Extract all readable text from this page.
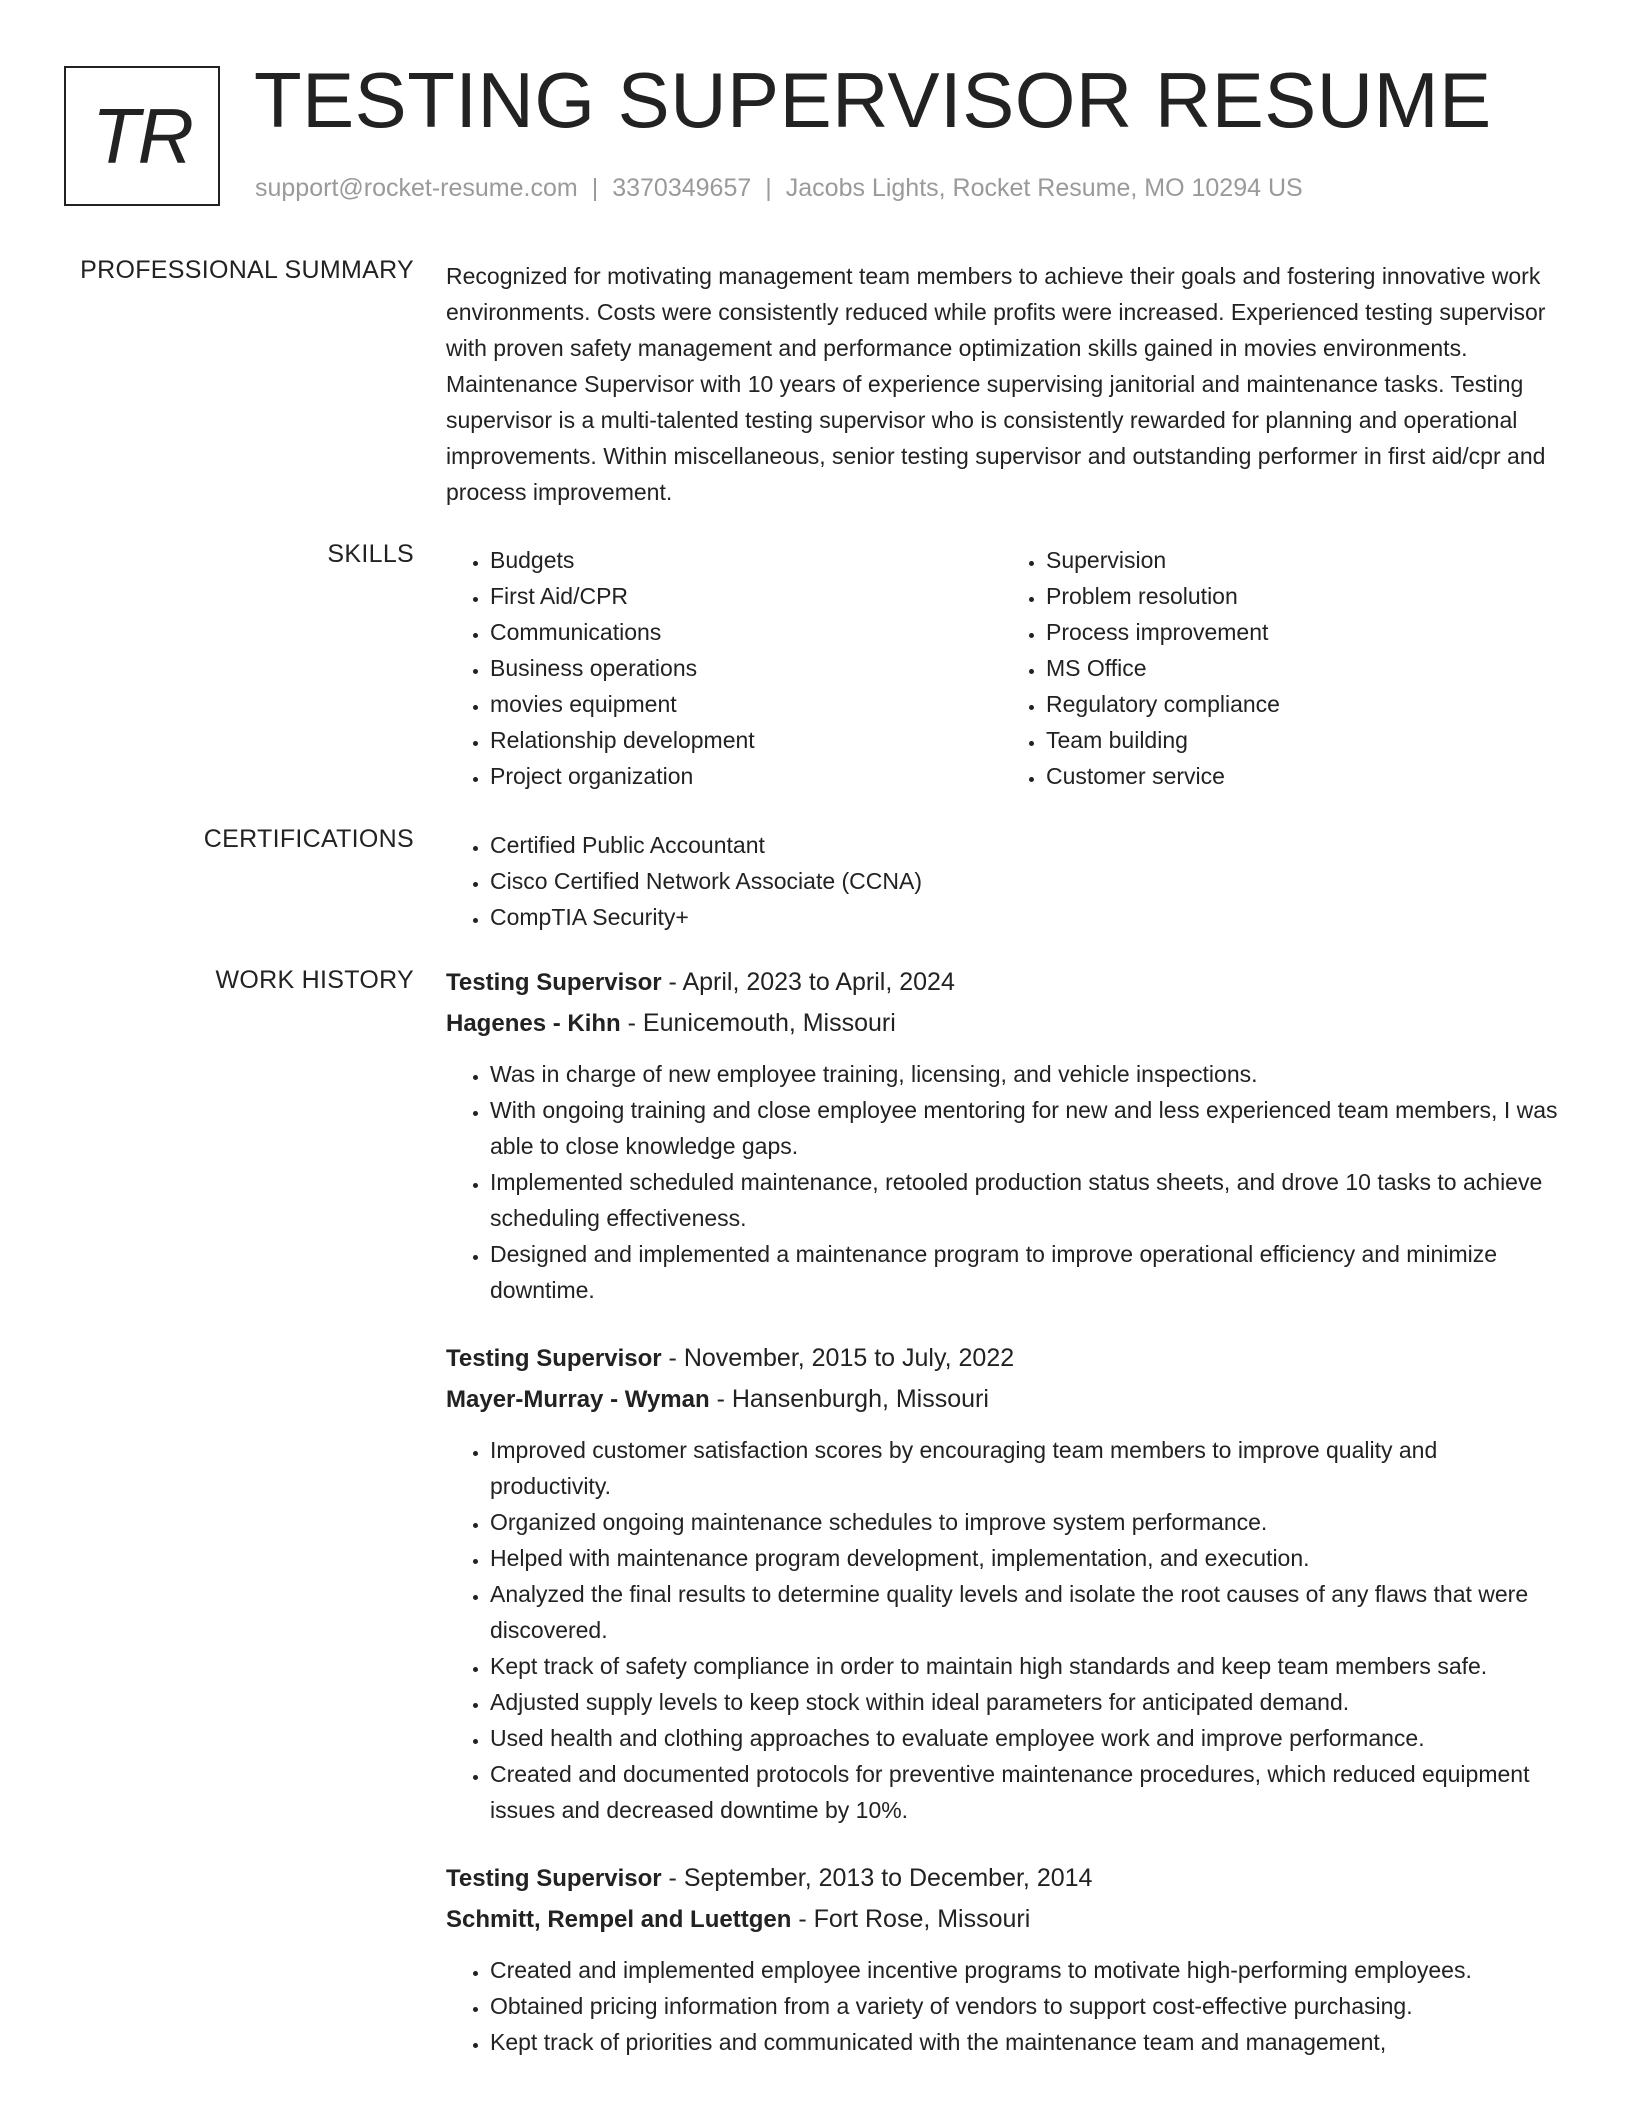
TR TESTING SUPERVISOR RESUME
support@rocket-resume.com | 3370349657 | Jacobs Lights, Rocket Resume, MO 10294 US
PROFESSIONAL SUMMARY Recognized for motivating management team members to achieve their goals and fostering innovative work environments. Costs were consistently reduced while profits were increased. Experienced testing supervisor with proven safety management and performance optimization skills gained in movies environments. Maintenance Supervisor with 10 years of experience supervising janitorial and maintenance tasks. Testing supervisor is a multi-talented testing supervisor who is consistently rewarded for planning and operational improvements. Within miscellaneous, senior testing supervisor and outstanding performer in first aid/cpr and process improvement.

SKILLS	• Budgets
• First Aid/CPR
• Communications
• Business operations
• movies equipment
• Relationship development
• Project organization
• Supervision
• Problem resolution
• Process improvement
• MS Office
• Regulatory compliance
• Team building
• Customer service
CERTIFICATIONS	• Certified Public Accountant
• Cisco Certified Network Associate (CCNA)
• CompTIA Security+
WORK HISTORY Testing Supervisor - April, 2023 to April, 2024
Hagenes - Kihn - Eunicemouth, Missouri
• Was in charge of new employee training, licensing, and vehicle inspections.
• With ongoing training and close employee mentoring for new and less experienced team members, I was able to close knowledge gaps.
• Implemented scheduled maintenance, retooled production status sheets, and drove 10 tasks to achieve scheduling effectiveness.
• Designed and implemented a maintenance program to improve operational efficiency and minimize downtime.
Testing Supervisor - November, 2015 to July, 2022
Mayer-Murray - Wyman - Hansenburgh, Missouri
• Improved customer satisfaction scores by encouraging team members to improve quality and productivity.
• Organized ongoing maintenance schedules to improve system performance.
• Helped with maintenance program development, implementation, and execution.
• Analyzed the final results to determine quality levels and isolate the root causes of any flaws that were discovered.
• Kept track of safety compliance in order to maintain high standards and keep team members safe.
• Adjusted supply levels to keep stock within ideal parameters for anticipated demand.
• Used health and clothing approaches to evaluate employee work and improve performance.
• Created and documented protocols for preventive maintenance procedures, which reduced equipment issues and decreased downtime by 10%.
Testing Supervisor - September, 2013 to December, 2014
Schmitt, Rempel and Luettgen - Fort Rose, Missouri
• Created and implemented employee incentive programs to motivate high-performing employees.
• Obtained pricing information from a variety of vendors to support cost-effective purchasing.
• Kept track of priorities and communicated with the maintenance team and management,
